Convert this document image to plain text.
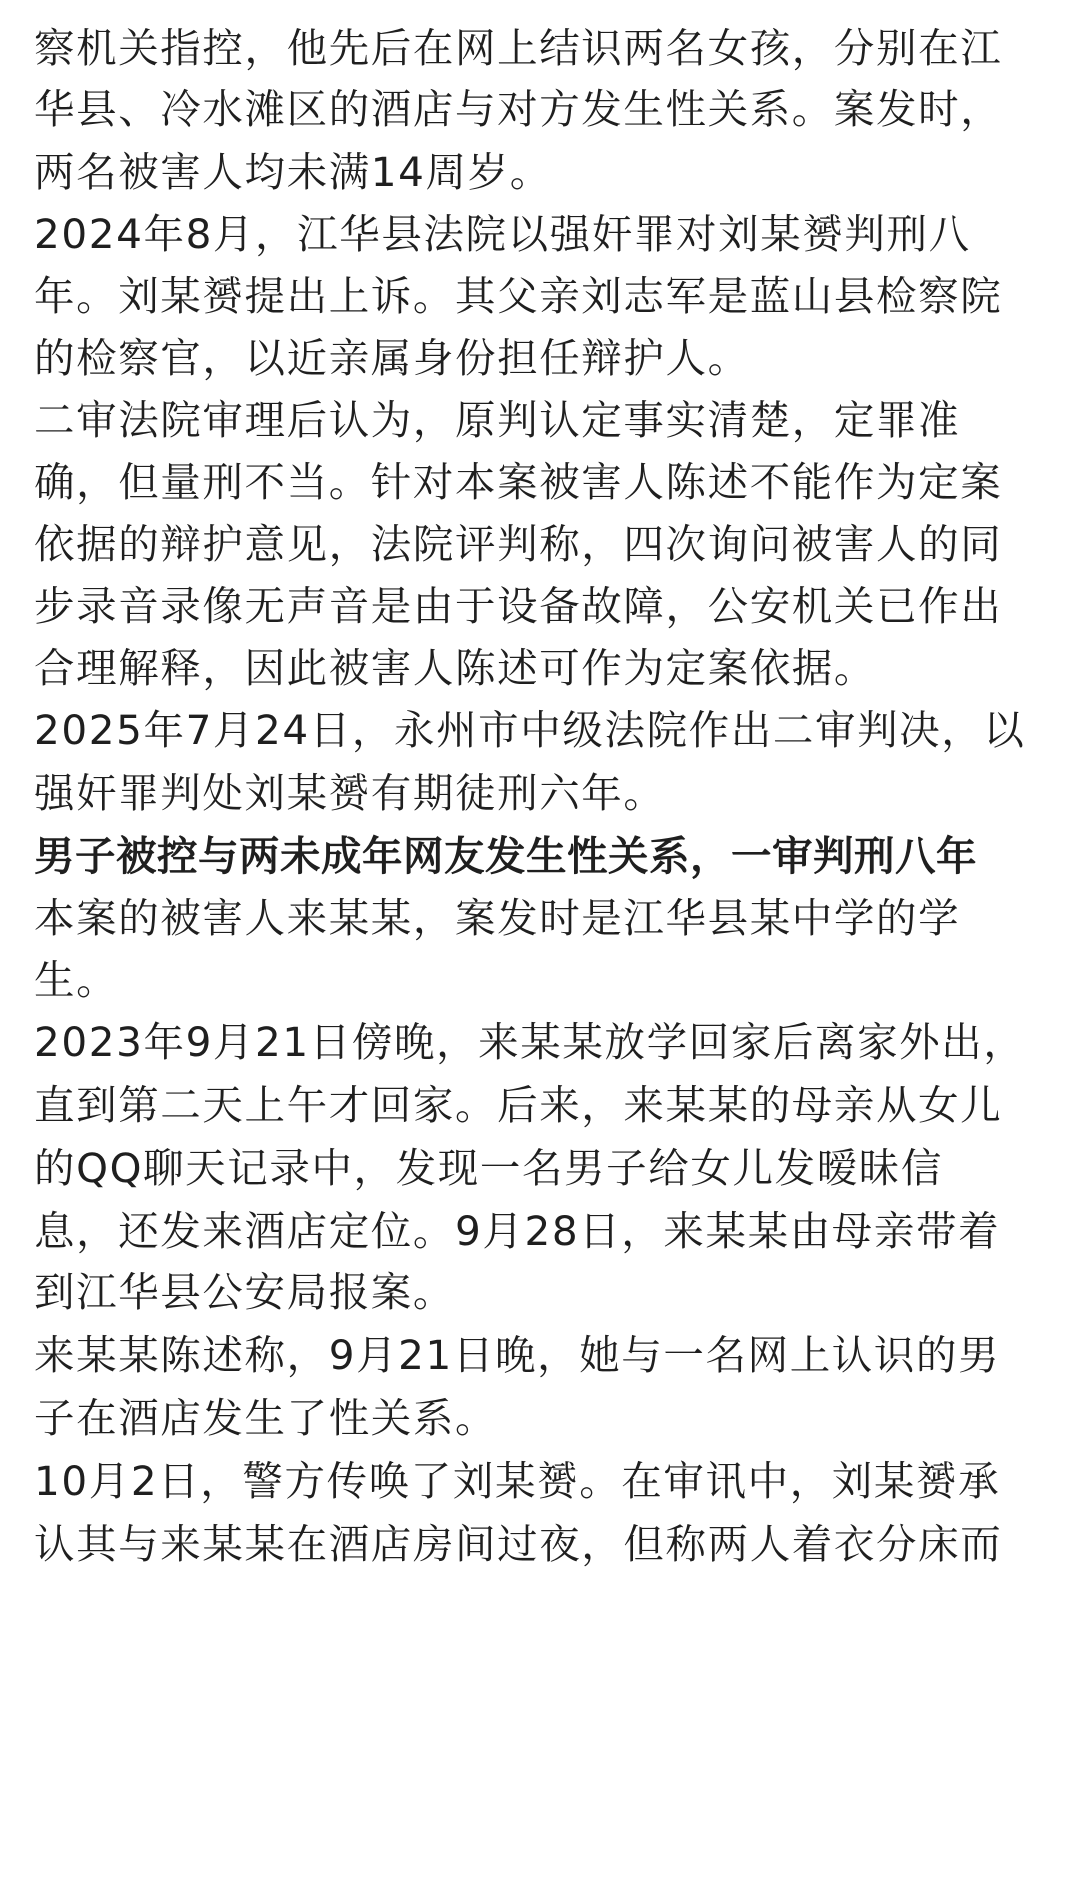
察机关指控，他先后在网上结识两名女孩，分别在江
华县、冷水滩区的酒店与对方发生性关系。案发时，
两名被害人均未满14周岁。
2024年8月，江华县法院以强奸罪对刘某赟判刑八
年。刘某赟提出上诉。其父亲刘志军是蓝山县检察院
的检察官，以近亲属身份担任辩护人。
二审法院审理后认为，原判认定事实清楚，定罪准
确，但量刑不当。针对本案被害人陈述不能作为定案
依据的辩护意见，法院评判称，四次询问被害人的同
步录音录像无声音是由于设备故障，公安机关已作出
合理解释，因此被害人陈述可作为定案依据。
2025年7月24日，永州市中级法院作出二审判决，以
强奸罪判处刘某赟有期徒刑六年。
男子被控与两未成年网友发生性关系，一审判刑八年
本案的被害人来某某，案发时是江华县某中学的学
生。
2023年9月21日傍晚，来某某放学回家后离家外出，
直到第二天上午才回家。后来，来某某的母亲从女儿
的QQ聊天记录中，发现一名男子给女儿发暧昧信
息，还发来酒店定位。9月28日，来某某由母亲带着
到江华县公安局报案。
来某某陈述称，9月21日晚，她与一名网上认识的男
子在酒店发生了性关系。
10月2日，警方传唤了刘某赟。在审讯中，刘某赟承
认其与来某某在酒店房间过夜，但称两人着衣分床而
